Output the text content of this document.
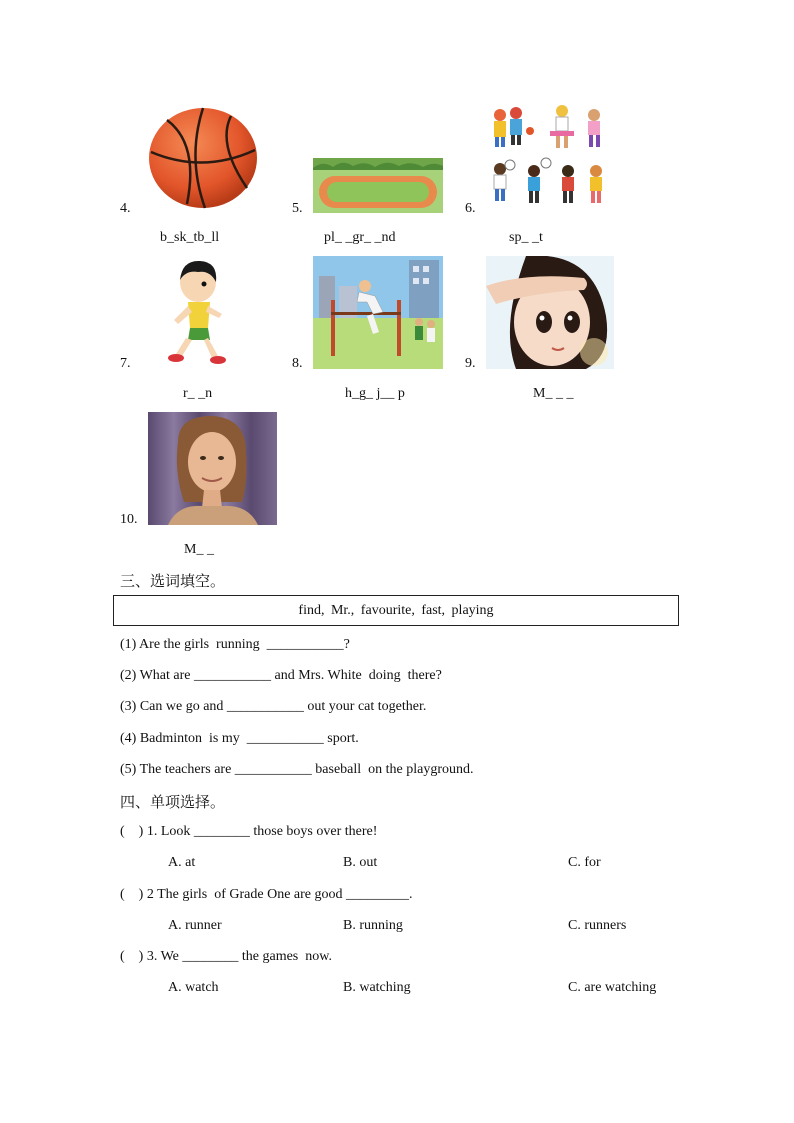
4.
b_sk_tb_ll
5.
pl_ _gr_ _nd
6.
sp_ _t
7.
r_ _n
8.
h_g_ j__ p
9.
M_ _ _
10.
M_ _
三、选词填空。
find, Mr., favourite, fast, playing
(1) Are the girls  running  ___________?
(2) What are ___________ and Mrs. White  doing  there?
(3) Can we go and ___________ out your cat together.
(4) Badminton  is my  ___________ sport.
(5) The teachers are ___________ baseball  on the playground.
四、单项选择。
(    ) 1. Look ________ those boys over there!
A. at	B. out	C. for
(    ) 2 The girls  of Grade One are good _________.
A. runner	B. running	C. runners
(    ) 3. We ________ the games  now.
A. watch	B. watching	C. are watching
